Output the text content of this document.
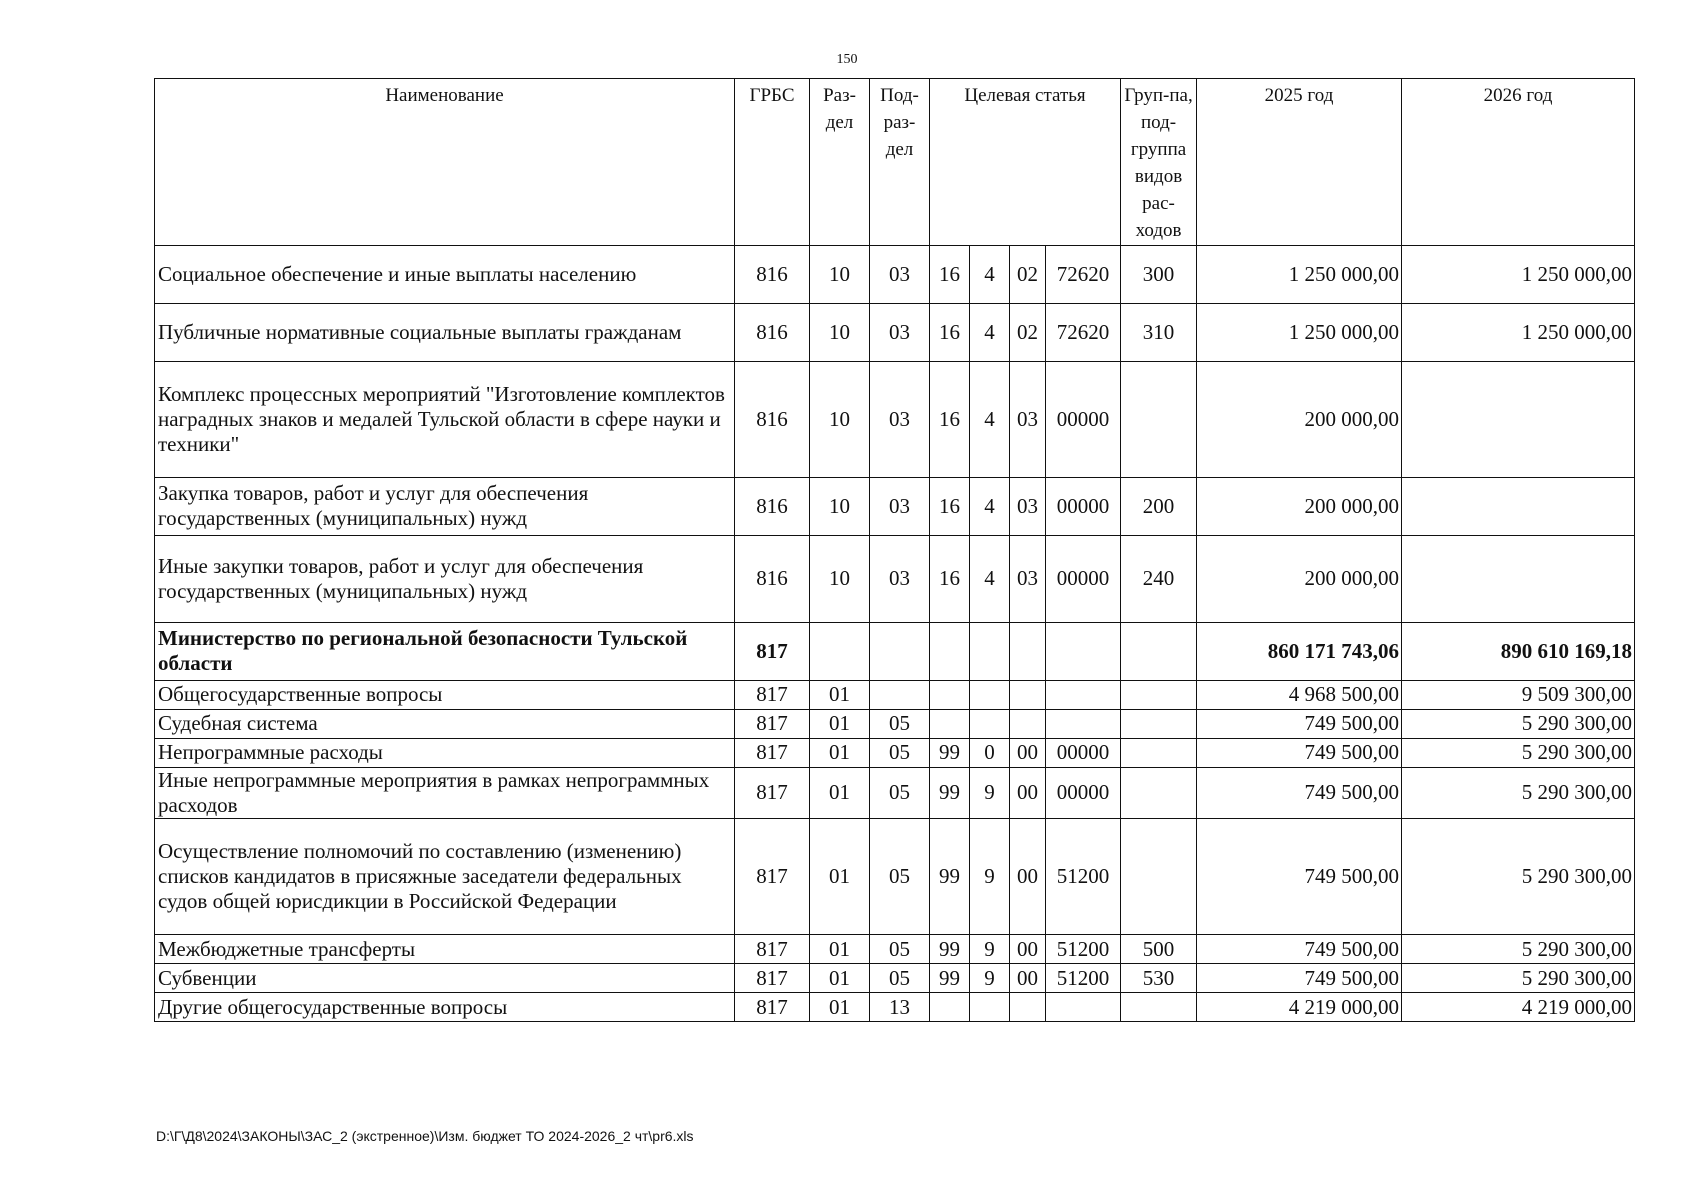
150
Наименование	ГРБС	Раз-дел	Под-раз-дел	Целевая статья				Груп-па, под-группа видов рас-ходов	2025 год	2026 год
Социальное обеспечение и иные выплаты населению	816	10	03	16	4	02	72620	300	1 250 000,00	1 250 000,00
Публичные нормативные социальные выплаты гражданам	816	10	03	16	4	02	72620	310	1 250 000,00	1 250 000,00
Комплекс процессных мероприятий "Изготовление комплектов наградных знаков и медалей Тульской области в сфере науки и техники"	816	10	03	16	4	03	00000		200 000,00	
Закупка товаров, работ и услуг для обеспечения государственных (муниципальных) нужд	816	10	03	16	4	03	00000	200	200 000,00	
Иные закупки товаров, работ и услуг для обеспечения государственных (муниципальных) нужд	816	10	03	16	4	03	00000	240	200 000,00	
Министерство по региональной безопасности Тульской области	817								860 171 743,06	890 610 169,18
Общегосударственные вопросы	817	01							4 968 500,00	9 509 300,00
Судебная система	817	01	05						749 500,00	5 290 300,00
Непрограммные расходы	817	01	05	99	0	00	00000		749 500,00	5 290 300,00
Иные непрограммные мероприятия в рамках непрограммных расходов	817	01	05	99	9	00	00000		749 500,00	5 290 300,00
Осуществление полномочий по составлению (изменению) списков кандидатов в присяжные заседатели федеральных судов общей юрисдикции в Российской Федерации	817	01	05	99	9	00	51200		749 500,00	5 290 300,00
Межбюджетные трансферты	817	01	05	99	9	00	51200	500	749 500,00	5 290 300,00
Субвенции	817	01	05	99	9	00	51200	530	749 500,00	5 290 300,00
Другие общегосударственные вопросы	817	01	13						4 219 000,00	4 219 000,00
D:\Г\Д8\2024\ЗАКОНЫ\ЗАС_2 (экстренное)\Изм. бюджет ТО 2024-2026_2 чт\pr6.xls
